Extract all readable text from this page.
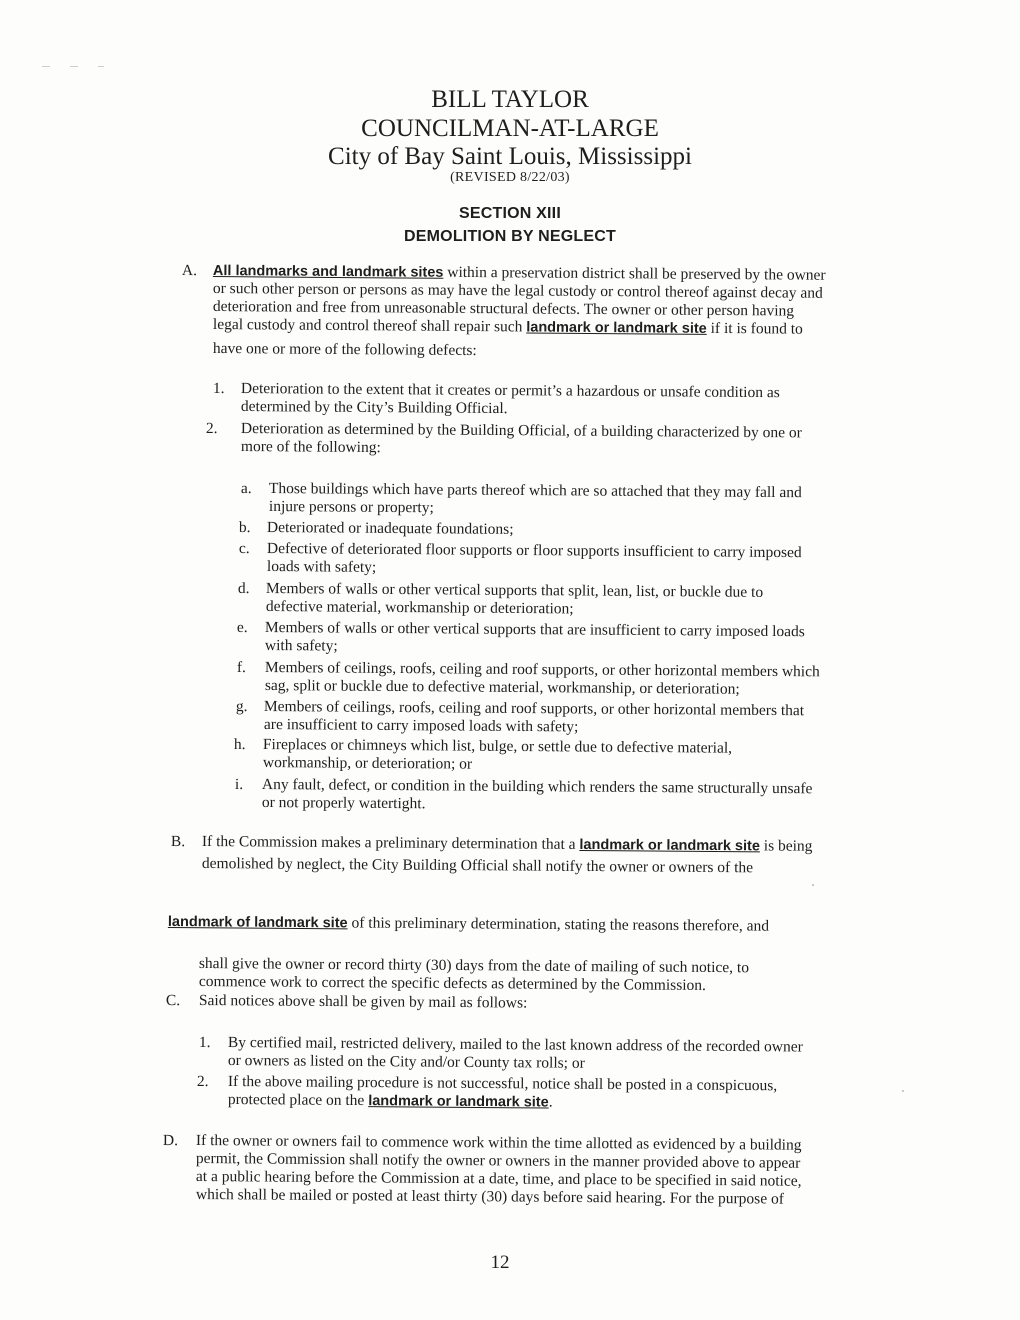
BILL TAYLOR
COUNCILMAN-AT-LARGE
City of Bay Saint Louis, Mississippi
(REVISED 8/22/03)
SECTION XIII
DEMOLITION BY NEGLECT
A. All landmarks and landmark sites within a preservation district shall be preserved by the owner
or such other person or persons as may have the legal custody or control thereof against decay and
deterioration and free from unreasonable structural defects. The owner or other person having
legal custody and control thereof shall repair such landmark or landmark site if it is found to
have one or more of the following defects:
1. Deterioration to the extent that it creates or permit’s a hazardous or unsafe condition as
determined by the City’s Building Official.
2. Deterioration as determined by the Building Official, of a building characterized by one or
more of the following:
a. Those buildings which have parts thereof which are so attached that they may fall and
injure persons or property;
b. Deteriorated or inadequate foundations;
c. Defective of deteriorated floor supports or floor supports insufficient to carry imposed
loads with safety;
d. Members of walls or other vertical supports that split, lean, list, or buckle due to
defective material, workmanship or deterioration;
e. Members of walls or other vertical supports that are insufficient to carry imposed loads
with safety;
f. Members of ceilings, roofs, ceiling and roof supports, or other horizontal members which
sag, split or buckle due to defective material, workmanship, or deterioration;
g. Members of ceilings, roofs, ceiling and roof supports, or other horizontal members that
are insufficient to carry imposed loads with safety;
h. Fireplaces or chimneys which list, bulge, or settle due to defective material,
workmanship, or deterioration; or
i. Any fault, defect, or condition in the building which renders the same structurally unsafe
or not properly watertight.
B. If the Commission makes a preliminary determination that a landmark or landmark site is being
demolished by neglect, the City Building Official shall notify the owner or owners of the
landmark of landmark site of this preliminary determination, stating the reasons therefore, and
shall give the owner or record thirty (30) days from the date of mailing of such notice, to
commence work to correct the specific defects as determined by the Commission.
C. Said notices above shall be given by mail as follows:
1. By certified mail, restricted delivery, mailed to the last known address of the recorded owner
or owners as listed on the City and/or County tax rolls; or
2. If the above mailing procedure is not successful, notice shall be posted in a conspicuous,
protected place on the landmark or landmark site.
D. If the owner or owners fail to commence work within the time allotted as evidenced by a building
permit, the Commission shall notify the owner or owners in the manner provided above to appear
at a public hearing before the Commission at a date, time, and place to be specified in said notice,
which shall be mailed or posted at least thirty (30) days before said hearing. For the purpose of
12
